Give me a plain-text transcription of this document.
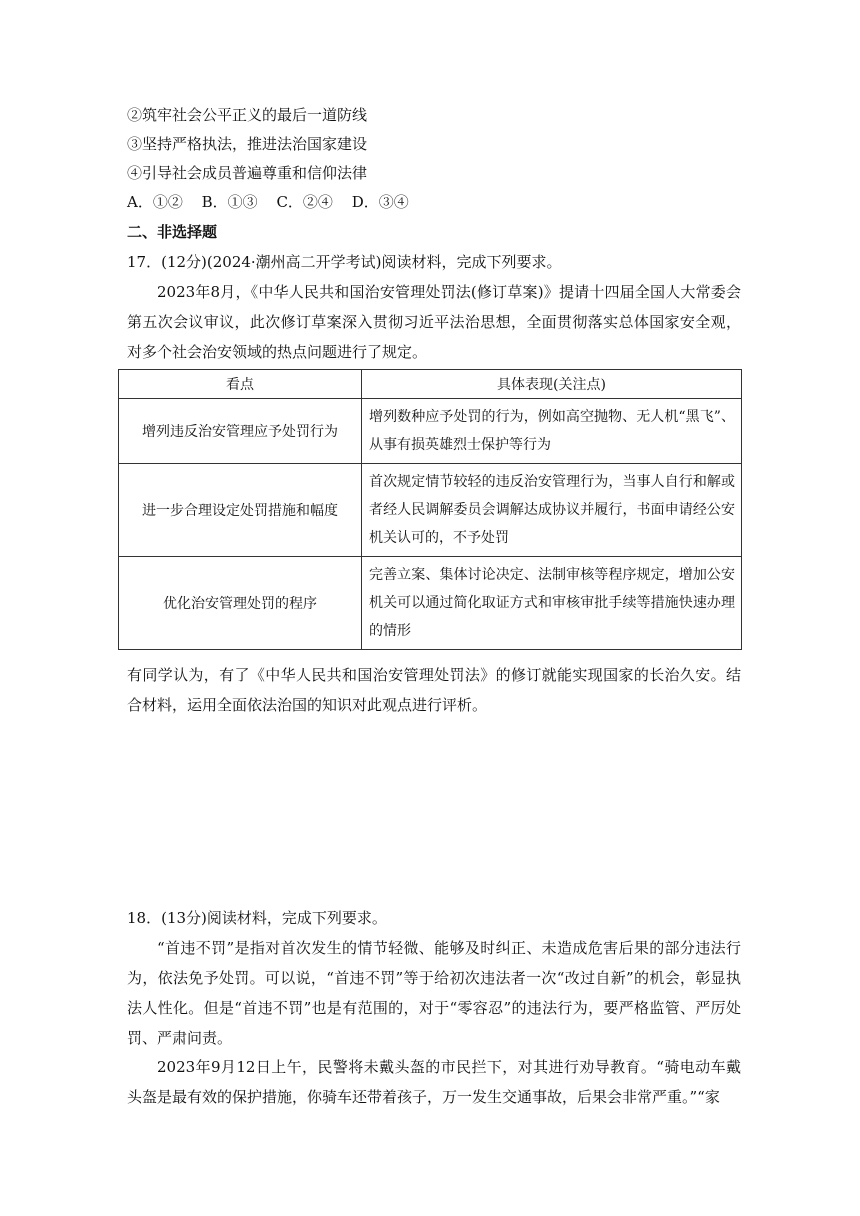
②筑牢社会公平正义的最后一道防线
③坚持严格执法，推进法治国家建设
④引导社会成员普遍尊重和信仰法律
A．①② B．①③ C．②④ D．③④
二、非选择题
17．(12分)(2024·潮州高二开学考试)阅读材料，完成下列要求。
2023年8月，《中华人民共和国治安管理处罚法(修订草案)》提请十四届全国人大常委会第五次会议审议，此次修订草案深入贯彻习近平法治思想，全面贯彻落实总体国家安全观，对多个社会治安领域的热点问题进行了规定。
看点	具体表现(关注点)
增列违反治安管理应予处罚行为	增列数种应予处罚的行为，例如高空抛物、无人机“黑飞”、从事有损英雄烈士保护等行为
进一步合理设定处罚措施和幅度	首次规定情节较轻的违反治安管理行为，当事人自行和解或者经人民调解委员会调解达成协议并履行，书面申请经公安机关认可的，不予处罚
优化治安管理处罚的程序	完善立案、集体讨论决定、法制审核等程序规定，增加公安机关可以通过简化取证方式和审核审批手续等措施快速办理的情形
有同学认为，有了《中华人民共和国治安管理处罚法》的修订就能实现国家的长治久安。结合材料，运用全面依法治国的知识对此观点进行评析。
18．(13分)阅读材料，完成下列要求。
“首违不罚”是指对首次发生的情节轻微、能够及时纠正、未造成危害后果的部分违法行为，依法免予处罚。可以说，“首违不罚”等于给初次违法者一次“改过自新”的机会，彰显执法人性化。但是“首违不罚”也是有范围的，对于“零容忍”的违法行为，要严格监管、严厉处罚、严肃问责。
2023年9月12日上午，民警将未戴头盔的市民拦下，对其进行劝导教育。“骑电动车戴头盔是最有效的保护措施，你骑车还带着孩子，万一发生交通事故，后果会非常严重。”“家
